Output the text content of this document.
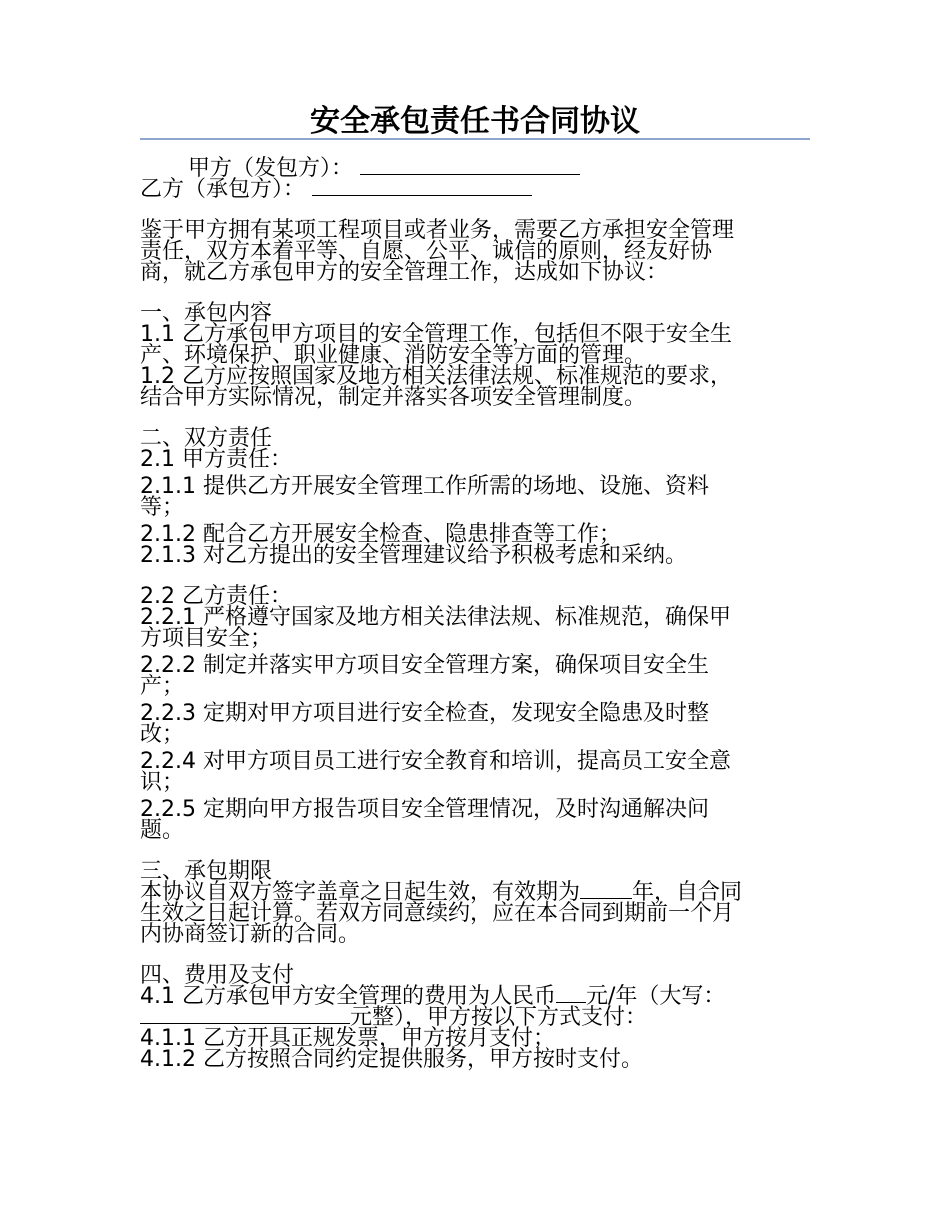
安全承包责任书合同协议
甲方（发包方）：
乙方（承包方）：
鉴于甲方拥有某项工程项目或者业务，需要乙方承担安全管理
责任，双方本着平等、自愿、公平、诚信的原则，经友好协
商，就乙方承包甲方的安全管理工作，达成如下协议：
一、承包内容
1.1 乙方承包甲方项目的安全管理工作，包括但不限于安全生
产、环境保护、职业健康、消防安全等方面的管理。
1.2 乙方应按照国家及地方相关法律法规、标准规范的要求，
结合甲方实际情况，制定并落实各项安全管理制度。
二、双方责任
2.1 甲方责任：
2.1.1 提供乙方开展安全管理工作所需的场地、设施、资料
等；
2.1.2 配合乙方开展安全检查、隐患排查等工作；
2.1.3 对乙方提出的安全管理建议给予积极考虑和采纳。
2.2 乙方责任：
2.2.1 严格遵守国家及地方相关法律法规、标准规范，确保甲
方项目安全；
2.2.2 制定并落实甲方项目安全管理方案，确保项目安全生
产；
2.2.3 定期对甲方项目进行安全检查，发现安全隐患及时整
改；
2.2.4 对甲方项目员工进行安全教育和培训，提高员工安全意
识；
2.2.5 定期向甲方报告项目安全管理情况，及时沟通解决问
题。
三、承包期限
本协议自双方签字盖章之日起生效，有效期为 年，自合同
生效之日起计算。若双方同意续约，应在本合同到期前一个月
内协商签订新的合同。
四、费用及支付
4.1 乙方承包甲方安全管理的费用为人民币 元/年（大写：
元整），甲方按以下方式支付：
4.1.1 乙方开具正规发票，甲方按月支付；
4.1.2 乙方按照合同约定提供服务，甲方按时支付。
